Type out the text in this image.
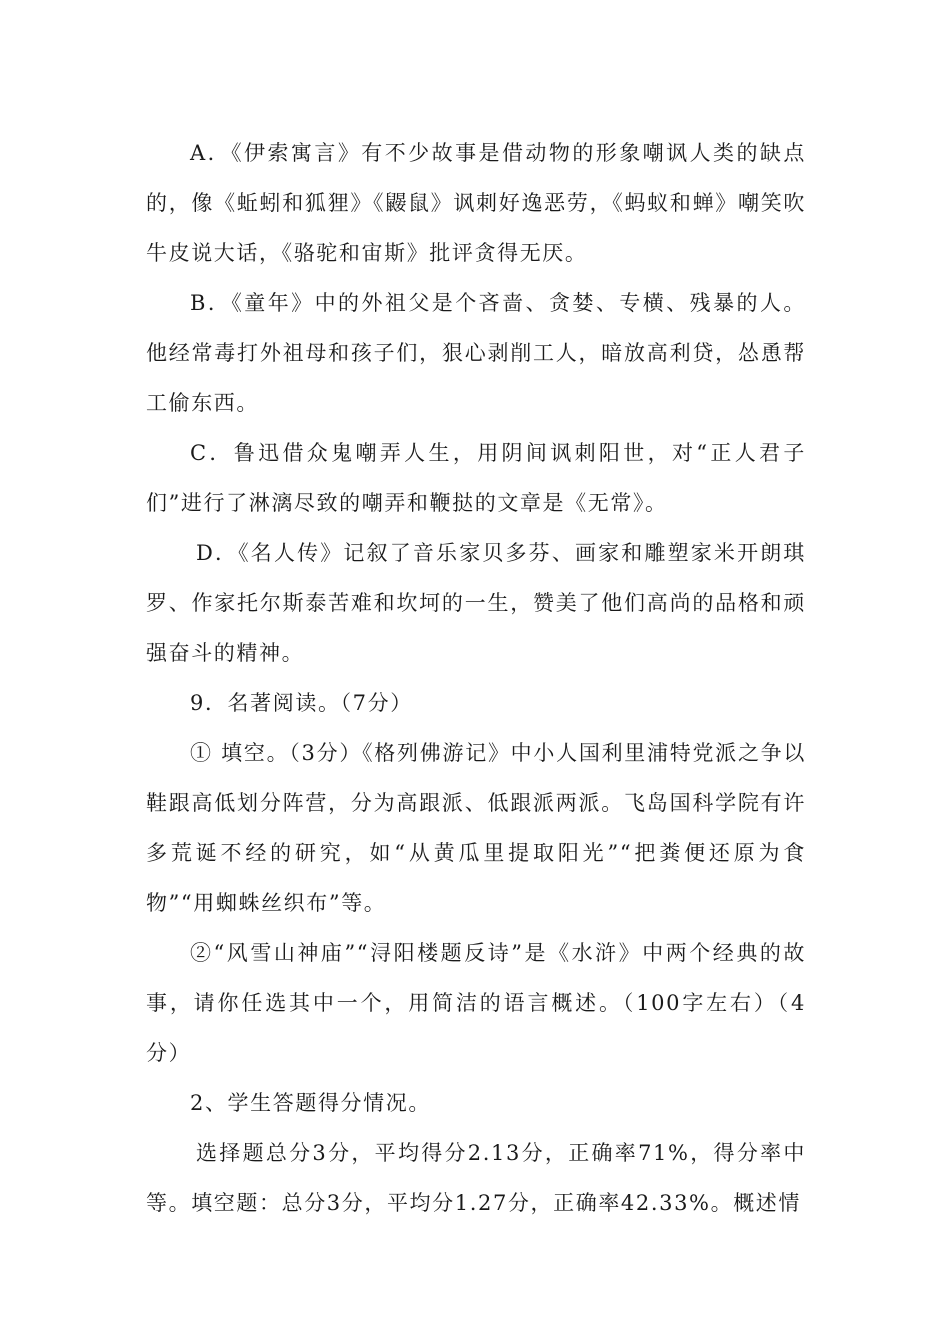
A．《伊索寓言》有不少故事是借动物的形象嘲讽人类的缺点的，像《蚯蚓和狐狸》《鼹鼠》讽刺好逸恶劳，《蚂蚁和蝉》嘲笑吹牛皮说大话，《骆驼和宙斯》批评贪得无厌。

B．《童年》中的外祖父是个吝啬、贪婪、专横、残暴的人。他经常毒打外祖母和孩子们，狠心剥削工人，暗放高利贷，怂恿帮工偷东西。

C．鲁迅借众鬼嘲弄人生，用阴间讽刺阳世，对“正人君子们”进行了淋漓尽致的嘲弄和鞭挞的文章是《无常》。

D．《名人传》记叙了音乐家贝多芬、画家和雕塑家米开朗琪罗、作家托尔斯泰苦难和坎坷的一生，赞美了他们高尚的品格和顽强奋斗的精神。

9．名著阅读。（7分）

① 填空。（3分）《格列佛游记》中小人国利里浦特党派之争以鞋跟高低划分阵营，分为高跟派、低跟派两派。飞岛国科学院有许多荒诞不经的研究，如“从黄瓜里提取阳光”“把粪便还原为食物”“用蜘蛛丝织布”等。

②“风雪山神庙”“浔阳楼题反诗”是《水浒》中两个经典的故事，请你任选其中一个，用简洁的语言概述。（100字左右）（4分）

2、学生答题得分情况。

选择题总分3分，平均得分2.13分，正确率71%，得分率中等。填空题：总分3分，平均分1.27分，正确率42.33%。概述情
